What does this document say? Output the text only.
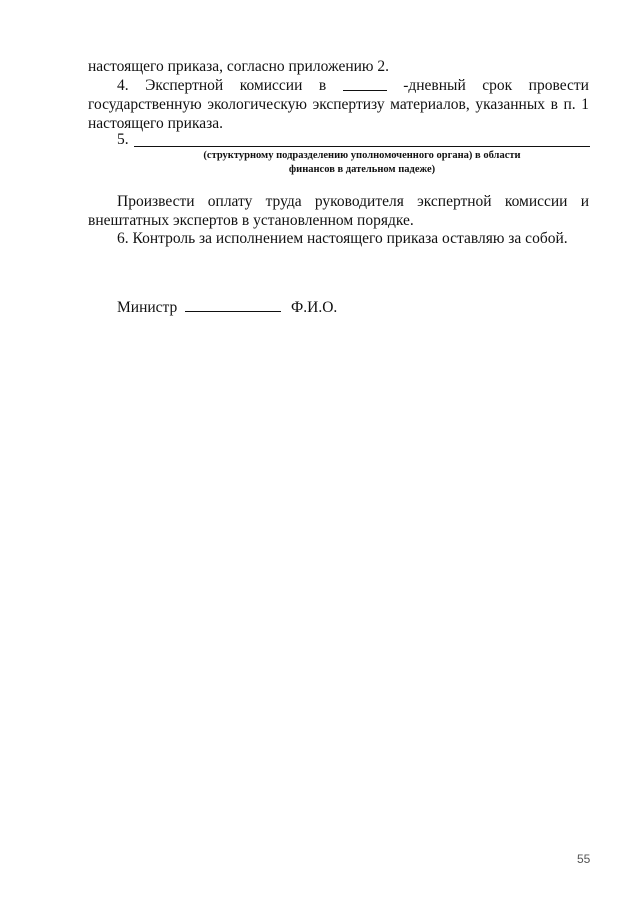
настоящего приказа, согласно приложению 2.
4. Экспертной комиссии в	-дневный срок провести
государственную экологическую экспертизу материалов, указанных в п. 1
настоящего приказа.
5.
(структурному подразделению уполномоченного органа) в области
финансов в дательном падеже)
Произвести оплату труда руководителя экспертной комиссии и
внештатных экспертов в установленном порядке.
6. Контроль за исполнением настоящего приказа оставляю за собой.
Министр	Ф.И.О.
55
